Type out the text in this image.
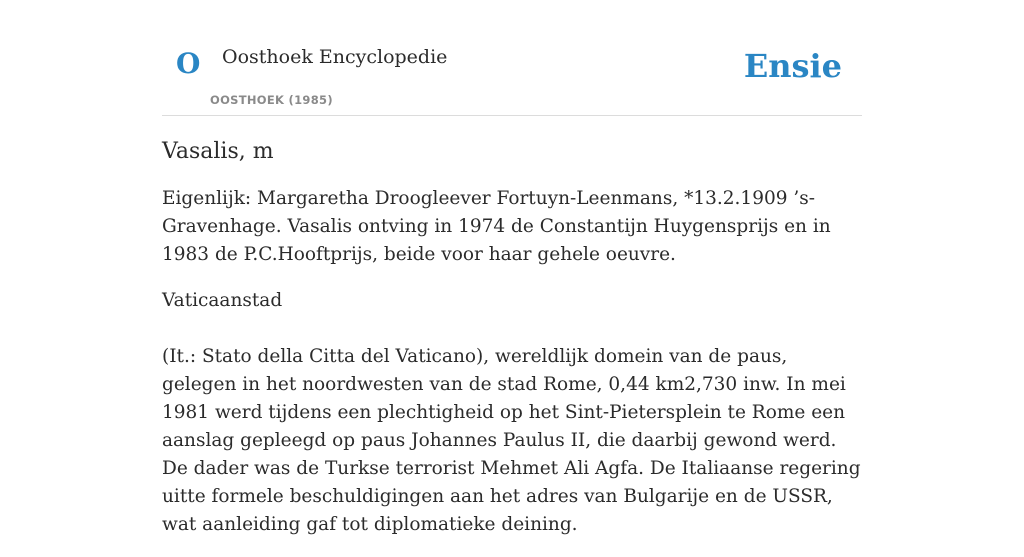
O Oosthoek Encyclopedie
OOSTHOEK (1985)
Ensie
Vasalis, m

Eigenlijk: Margaretha Droogleever Fortuyn-Leenmans, *13.2.1909 ’s-Gravenhage. Vasalis ontving in 1974 de Constantijn Huygensprijs en in 1983 de P.C.Hooftprijs, beide voor haar gehele oeuvre.

Vaticaanstad

(It.: Stato della Citta del Vaticano), wereldlijk domein van de paus, gelegen in het noordwesten van de stad Rome, 0,44 km2,730 inw. In mei 1981 werd tijdens een plechtigheid op het Sint-Pietersplein te Rome een aanslag gepleegd op paus Johannes Paulus II, die daarbij gewond werd. De dader was de Turkse terrorist Mehmet Ali Agfa. De Italiaanse regering uitte formele beschuldigingen aan het adres van Bulgarije en de USSR, wat aanleiding gaf tot diplomatieke deining.
